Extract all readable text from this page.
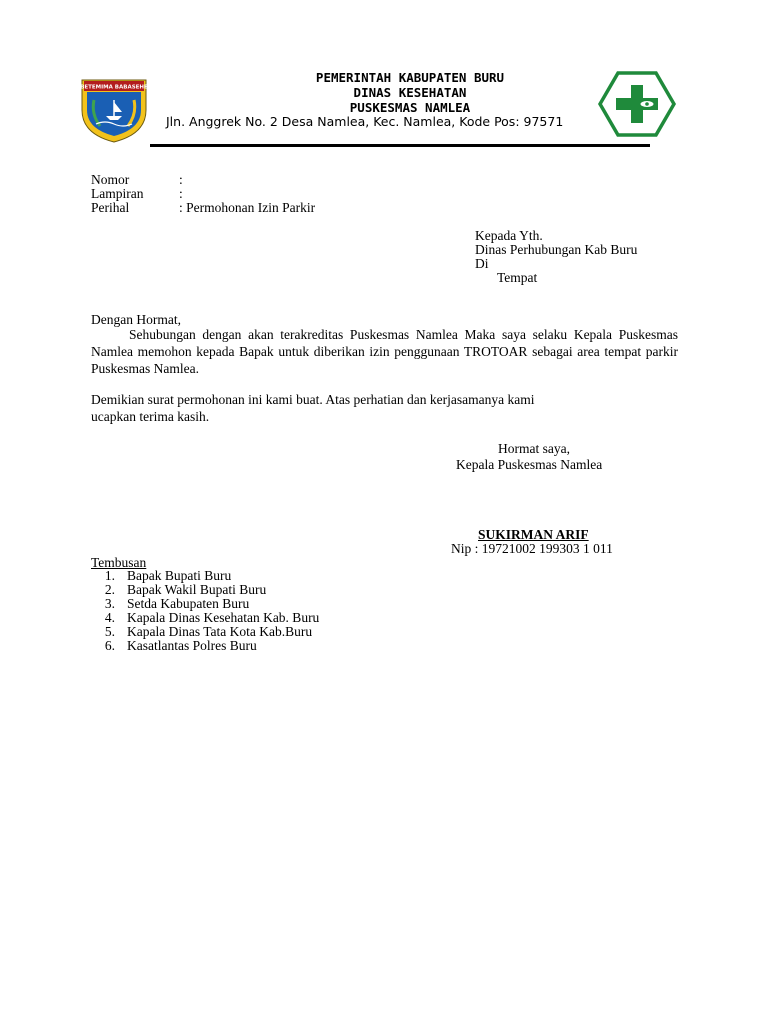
BETEMIMA BABASEHE
PEMERINTAH KABUPATEN BURU
DINAS KESEHATAN
PUSKESMAS NAMLEA
Jln. Anggrek No. 2 Desa Namlea, Kec. Namlea, Kode Pos: 97571
Nomor	:
Lampiran	:
Perihal	: Permohonan Izin Parkir
Kepada Yth.
Dinas Perhubungan Kab Buru
Di
Tempat
Dengan Hormat,
Sehubungan dengan akan terakreditas Puskesmas Namlea Maka saya selaku Kepala Puskesmas Namlea memohon kepada Bapak untuk diberikan izin penggunaan TROTOAR sebagai area tempat parkir Puskesmas Namlea.
Demikian surat permohonan ini kami buat. Atas perhatian dan kerjasamanya kami
ucapkan terima kasih.
Hormat saya,
Kepala Puskesmas Namlea
SUKIRMAN ARIF
Nip : 19721002 199303 1 011
Tembusan
1. Bapak Bupati Buru
2. Bapak Wakil Bupati Buru
3. Setda Kabupaten Buru
4. Kapala Dinas Kesehatan Kab. Buru
5. Kapala Dinas Tata Kota Kab.Buru
6. Kasatlantas Polres Buru
